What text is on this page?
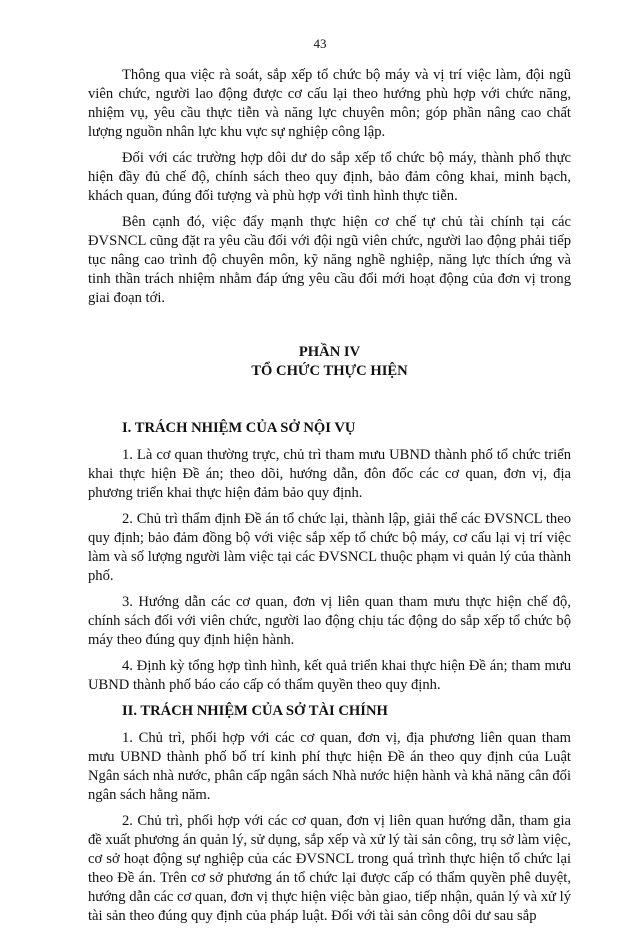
43

Thông qua việc rà soát, sắp xếp tổ chức bộ máy và vị trí việc làm, đội ngũ viên chức, người lao động được cơ cấu lại theo hướng phù hợp với chức năng, nhiệm vụ, yêu cầu thực tiễn và năng lực chuyên môn; góp phần nâng cao chất lượng nguồn nhân lực khu vực sự nghiệp công lập.

Đối với các trường hợp dôi dư do sắp xếp tổ chức bộ máy, thành phố thực hiện đầy đủ chế độ, chính sách theo quy định, bảo đảm công khai, minh bạch, khách quan, đúng đối tượng và phù hợp với tình hình thực tiễn.

Bên cạnh đó, việc đẩy mạnh thực hiện cơ chế tự chủ tài chính tại các ĐVSNCL cũng đặt ra yêu cầu đối với đội ngũ viên chức, người lao động phải tiếp tục nâng cao trình độ chuyên môn, kỹ năng nghề nghiệp, năng lực thích ứng và tinh thần trách nhiệm nhằm đáp ứng yêu cầu đổi mới hoạt động của đơn vị trong giai đoạn tới.

PHẦN IV
TỔ CHỨC THỰC HIỆN
I. TRÁCH NHIỆM CỦA SỞ NỘI VỤ

1. Là cơ quan thường trực, chủ trì tham mưu UBND thành phố tổ chức triển khai thực hiện Đề án; theo dõi, hướng dẫn, đôn đốc các cơ quan, đơn vị, địa phương triển khai thực hiện đảm bảo quy định.

2. Chủ trì thẩm định Đề án tổ chức lại, thành lập, giải thể các ĐVSNCL theo quy định; bảo đảm đồng bộ với việc sắp xếp tổ chức bộ máy, cơ cấu lại vị trí việc làm và số lượng người làm việc tại các ĐVSNCL thuộc phạm vi quản lý của thành phố.

3. Hướng dẫn các cơ quan, đơn vị liên quan tham mưu thực hiện chế độ, chính sách đối với viên chức, người lao động chịu tác động do sắp xếp tổ chức bộ máy theo đúng quy định hiện hành.

4. Định kỳ tổng hợp tình hình, kết quả triển khai thực hiện Đề án; tham mưu UBND thành phố báo cáo cấp có thẩm quyền theo quy định.

II. TRÁCH NHIỆM CỦA SỞ TÀI CHÍNH

1. Chủ trì, phối hợp với các cơ quan, đơn vị, địa phương liên quan tham mưu UBND thành phố bố trí kinh phí thực hiện Đề án theo quy định của Luật Ngân sách nhà nước, phân cấp ngân sách Nhà nước hiện hành và khả năng cân đối ngân sách hằng năm.

2. Chủ trì, phối hợp với các cơ quan, đơn vị liên quan hướng dẫn, tham gia đề xuất phương án quản lý, sử dụng, sắp xếp và xử lý tài sản công, trụ sở làm việc, cơ sở hoạt động sự nghiệp của các ĐVSNCL trong quá trình thực hiện tổ chức lại theo Đề án. Trên cơ sở phương án tổ chức lại được cấp có thẩm quyền phê duyệt, hướng dẫn các cơ quan, đơn vị thực hiện việc bàn giao, tiếp nhận, quản lý và xử lý tài sản theo đúng quy định của pháp luật. Đối với tài sản công dôi dư sau sắp
